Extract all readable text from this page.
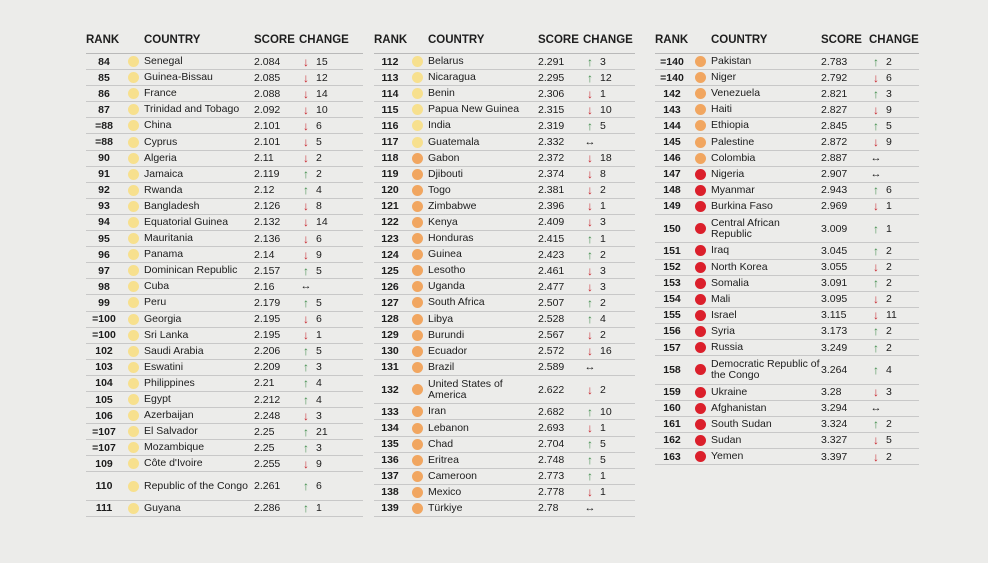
RANK COUNTRY	SCORE CHANGE
84	Senegal	2.084	↓ 15
85	Guinea-Bissau	2.085	↓ 12
86	France	2.088	↓ 14
87	Trinidad and Tobago	2.092	↓ 10
=88	China	2.101	↓ 6
=88	Cyprus	2.101	↓ 5
90	Algeria	2.11	↓ 2
91	Jamaica	2.119	↑ 2
92	Rwanda	2.12	↑ 4
93	Bangladesh	2.126	↓ 8
94	Equatorial Guinea	2.132	↓ 14
95	Mauritania	2.136	↓ 6
96	Panama	2.14	↓ 9
97	Dominican Republic	2.157	↑ 5
98	Cuba	2.16	↔
99	Peru	2.179	↑ 5
=100	Georgia	2.195	↓ 6
=100	Sri Lanka	2.195	↓ 1
102	Saudi Arabia	2.206	↑ 5
103	Eswatini	2.209	↑ 3
104	Philippines	2.21	↑ 4
105	Egypt	2.212	↑ 4
106	Azerbaijan	2.248	↓ 3
=107	El Salvador	2.25	↑ 21
=107	Mozambique	2.25	↑ 3
109	Côte d'Ivoire	2.255	↓ 9
110	Republic of the Congo 2.261	↑ 6
111	Guyana	2.286	↑ 1
RANK COUNTRY	SCORE CHANGE
112	Belarus	2.291	↑ 3
113	Nicaragua	2.295	↑ 12
114	Benin	2.306	↓ 1
115	Papua New Guinea	2.315	↓ 10
116	India	2.319	↑ 5
117	Guatemala	2.332	↔
118	Gabon	2.372	↓ 18
119	Djibouti	2.374	↓ 8
120	Togo	2.381	↓ 2
121	Zimbabwe	2.396	↓ 1
122	Kenya	2.409	↓ 3
123	Honduras	2.415	↑ 1
124	Guinea	2.423	↑ 2
125	Lesotho	2.461	↓ 3
126	Uganda	2.477	↓ 3
127	South Africa	2.507	↑ 2
128	Libya	2.528	↑ 4
129	Burundi	2.567	↓ 2
130	Ecuador	2.572	↓ 16
131	Brazil	2.589	↔
132	United States of America	2.622	↓ 2
133	Iran	2.682	↑ 10
134	Lebanon	2.693	↓ 1
135	Chad	2.704	↑ 5
136	Eritrea	2.748	↑ 5
137	Cameroon	2.773	↑ 1
138	Mexico	2.778	↓ 1
139	Türkiye	2.78	↔
RANK COUNTRY	SCORE CHANGE
=140	Pakistan	2.783	↑ 2
=140	Niger	2.792	↓ 6
142	Venezuela	2.821	↑ 3
143	Haiti	2.827	↓ 9
144	Ethiopia	2.845	↑ 5
145	Palestine	2.872	↓ 9
146	Colombia	2.887	↔
147	Nigeria	2.907	↔
148	Myanmar	2.943	↑ 6
149	Burkina Faso	2.969	↓ 1
150	Central African Republic	3.009	↑ 1
151	Iraq	3.045	↑ 2
152	North Korea	3.055	↓ 2
153	Somalia	3.091	↑ 2
154	Mali	3.095	↓ 2
155	Israel	3.115	↓ 11
156	Syria	3.173	↑ 2
157	Russia	3.249	↑ 2
158	Democratic Republic of the Congo	3.264	↑ 4
159	Ukraine	3.28	↓ 3
160	Afghanistan	3.294	↔
161	South Sudan	3.324	↑ 2
162	Sudan	3.327	↓ 5
163	Yemen	3.397	↓ 2
